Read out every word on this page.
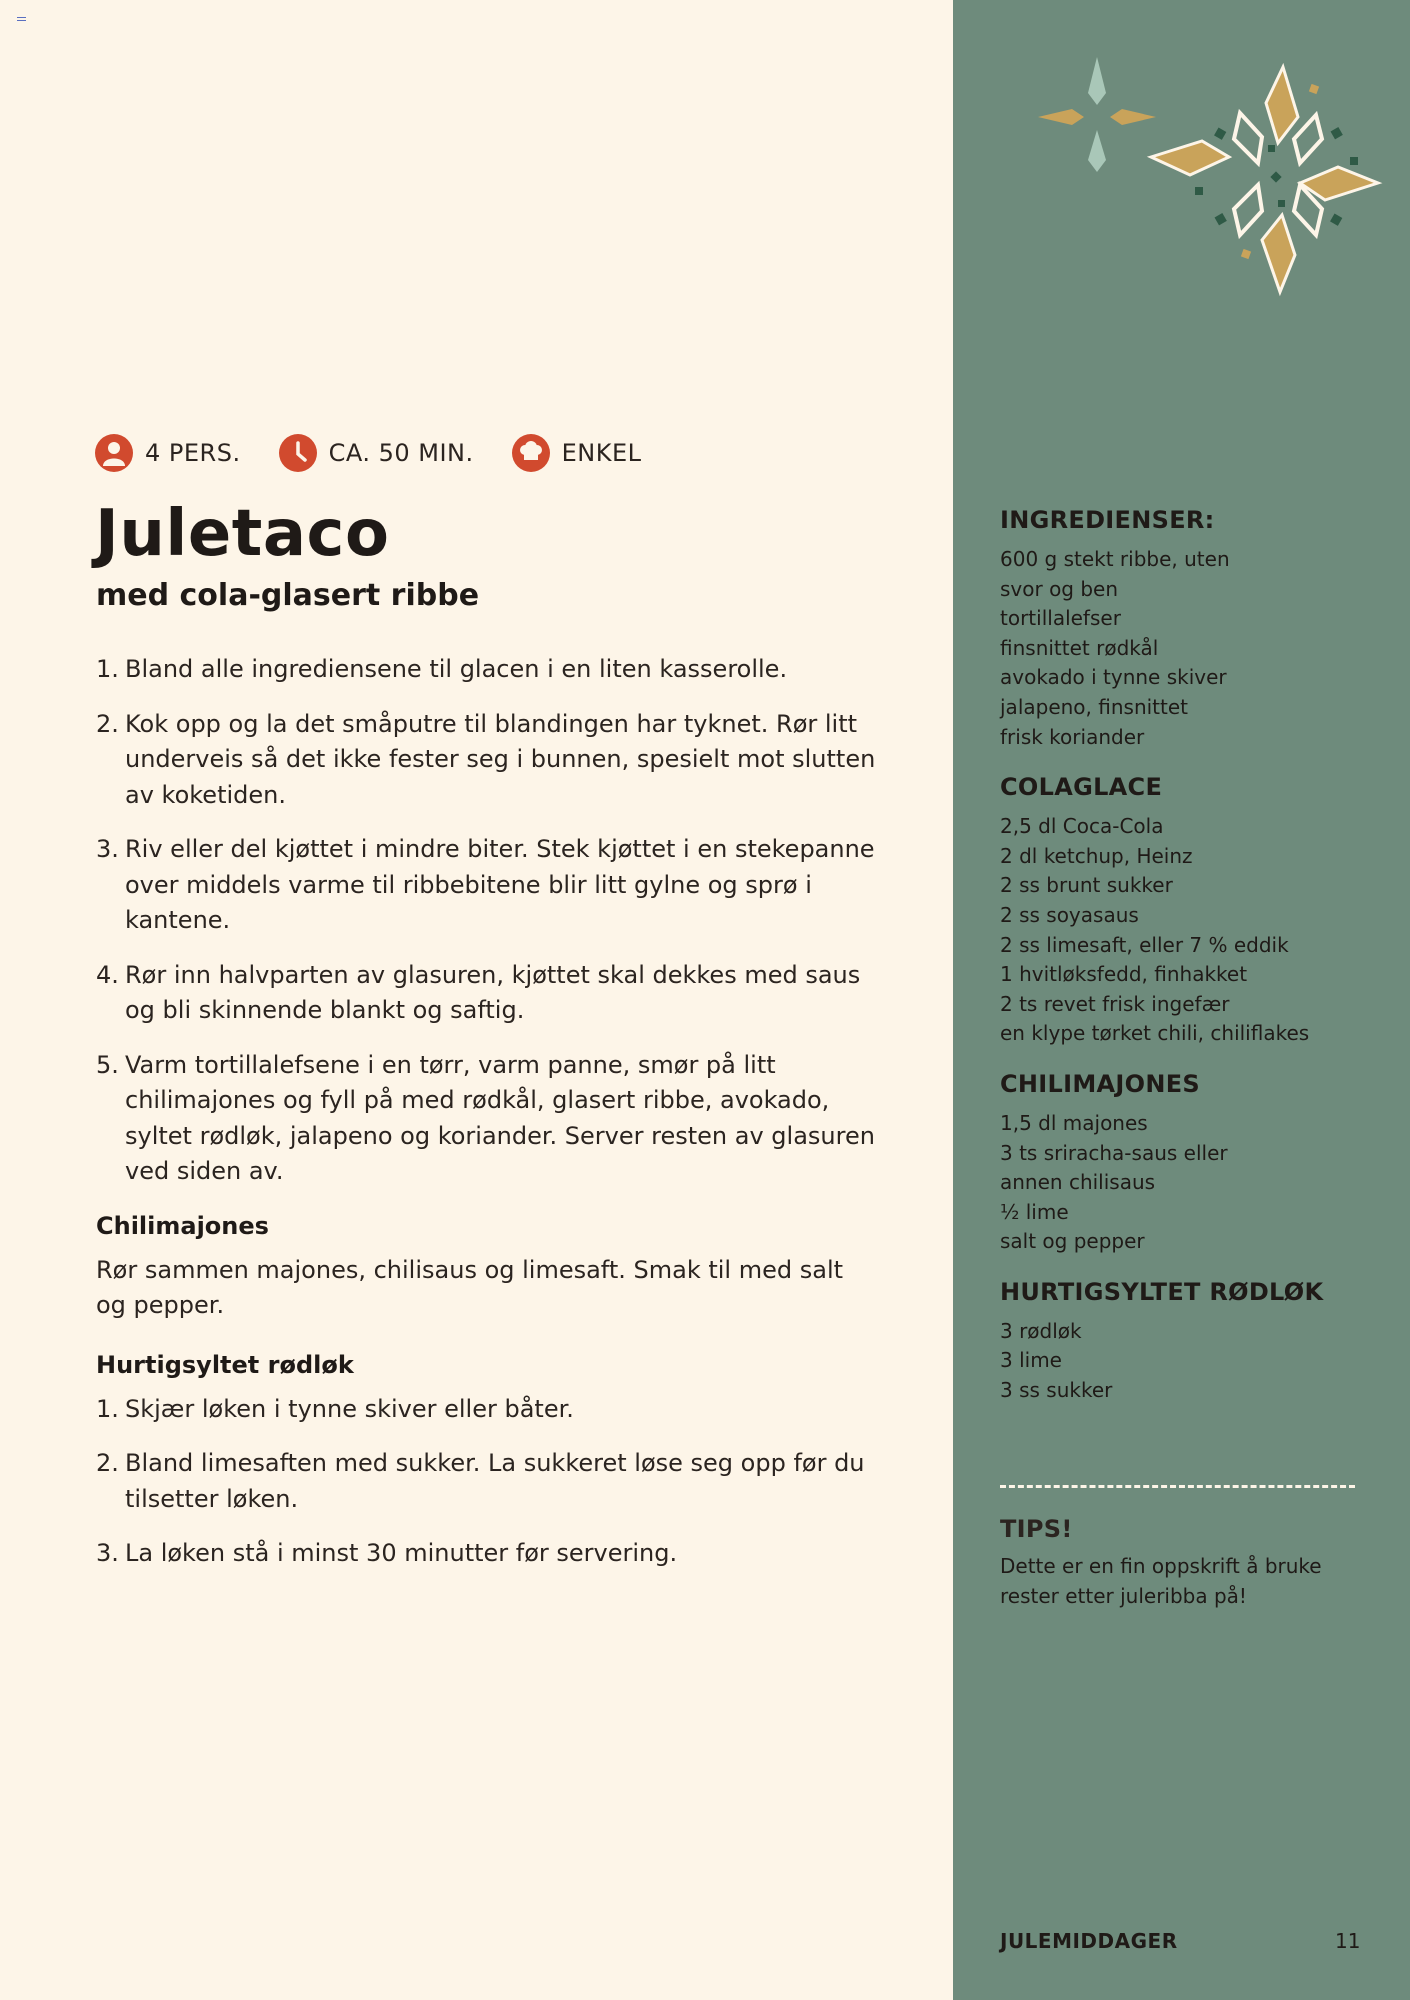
4 PERS.	CA. 50 MIN.	ENKEL
Juletaco
med cola-glasert ribbe
1. Bland alle ingrediensene til glacen i en liten kasserolle.
2. Kok opp og la det småputre til blandingen har tyknet. Rør litt underveis så det ikke fester seg i bunnen, spesielt mot slutten av koketiden.
3. Riv eller del kjøttet i mindre biter. Stek kjøttet i en stekepanne over middels varme til ribbebitene blir litt gylne og sprø i kantene.
4. Rør inn halvparten av glasuren, kjøttet skal dekkes med saus og bli skinnende blankt og saftig.
5. Varm tortillalefsene i en tørr, varm panne, smør på litt chilimajones og fyll på med rødkål, glasert ribbe, avokado, syltet rødløk, jalapeno og koriander. Server resten av glasuren ved siden av.
Chilimajones

Rør sammen majones, chilisaus og limesaft. Smak til med salt og pepper.

Hurtigsyltet rødløk
1. Skjær løken i tynne skiver eller båter.
2. Bland limesaften med sukker. La sukkeret løse seg opp før du tilsetter løken.
3. La løken stå i minst 30 minutter før servering.
INGREDIENSER:
600 g stekt ribbe, uten
svor og ben
tortillalefser
finsnittet rødkål
avokado i tynne skiver
jalapeno, finsnittet
frisk koriander
COLAGLACE
2,5 dl Coca-Cola
2 dl ketchup, Heinz
2 ss brunt sukker
2 ss soyasaus
2 ss limesaft, eller 7 % eddik
1 hvitløksfedd, finhakket
2 ts revet frisk ingefær
en klype tørket chili, chiliflakes
CHILIMAJONES
1,5 dl majones
3 ts sriracha-saus eller
annen chilisaus
½ lime
salt og pepper
HURTIGSYLTET RØDLØK
3 rødløk
3 lime
3 ss sukker
TIPS!
Dette er en fin oppskrift å bruke rester etter juleribba på!
JULEMIDDAGER	11
